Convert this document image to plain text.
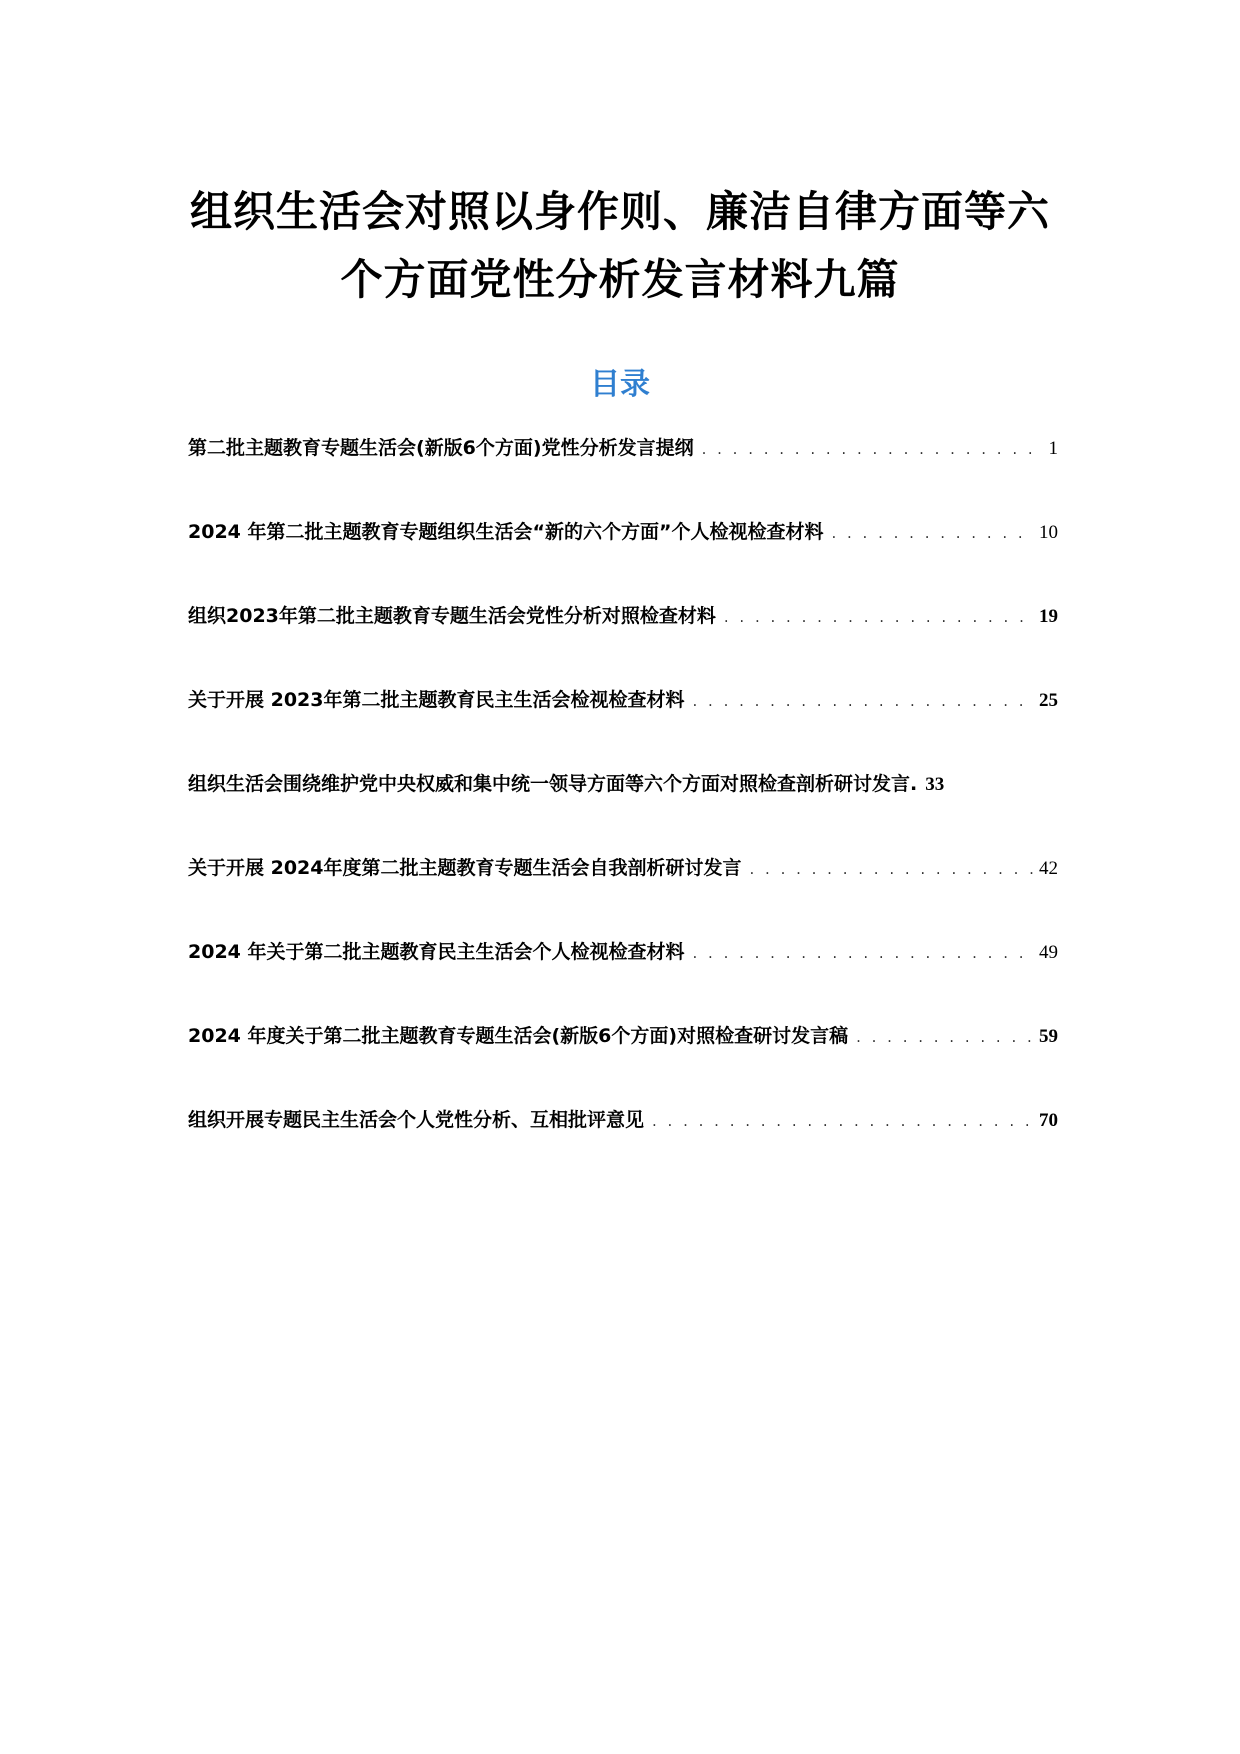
组织生活会对照以身作则、廉洁自律方面等六
个方面党性分析发言材料九篇
目录
第二批主题教育专题生活会(新版6个方面)党性分析发言提纲 . . .	1
2024 年第二批主题教育专题组织生活会“新的六个方面”个人检视检查材料 . . .	10
组织2023年第二批主题教育专题生活会党性分析对照检查材料 . . .	19
关于开展 2023年第二批主题教育民主生活会检视检查材料 . . .	25
组织生活会围绕维护党中央权威和集中统一领导方面等六个方面对照检查剖析研讨发言. 33
关于开展 2024年度第二批主题教育专题生活会自我剖析研讨发言 . . .	42
2024 年关于第二批主题教育民主生活会个人检视检查材料 . . .	49
2024 年度关于第二批主题教育专题生活会(新版6个方面)对照检查研讨发言稿 . . .	59
组织开展专题民主生活会个人党性分析、互相批评意见 . . .	70
